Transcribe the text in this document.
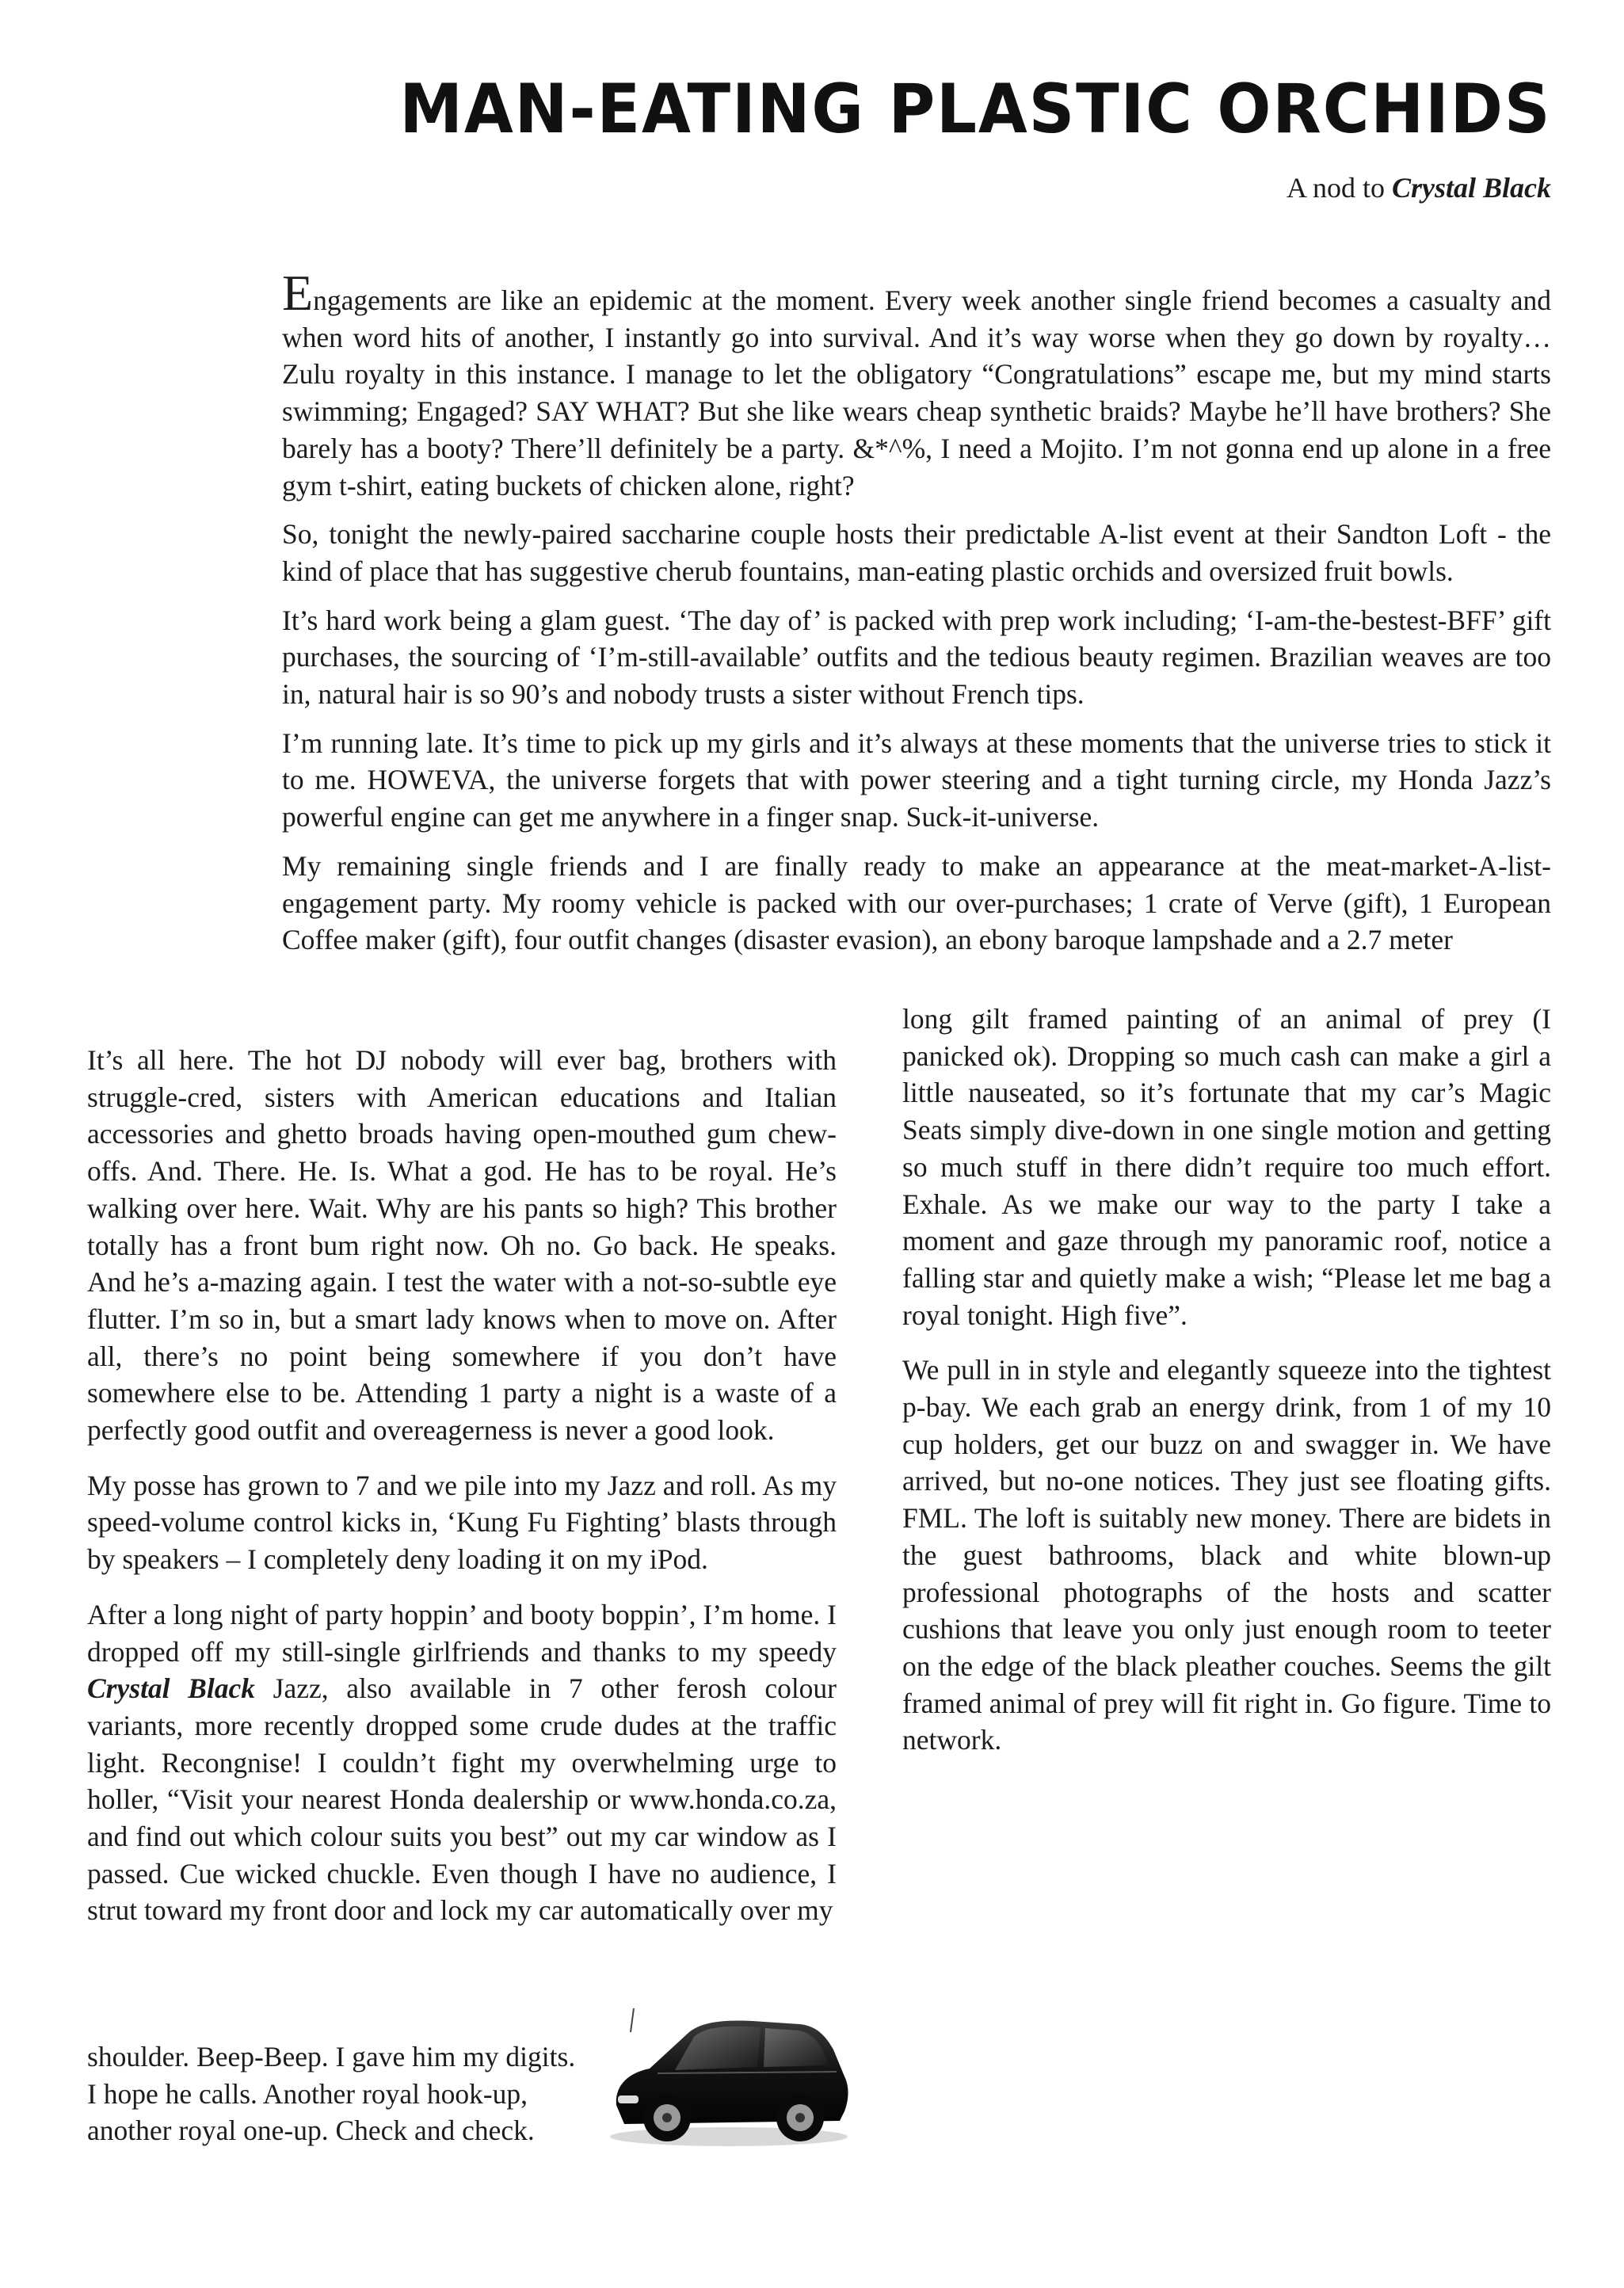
MAN-EATING PLASTIC ORCHIDS
A nod to Crystal Black

Engagements are like an epidemic at the moment. Every week another single friend becomes a casualty and when word hits of another, I instantly go into survival. And it’s way worse when they go down by royalty… Zulu royalty in this instance. I manage to let the obligatory “Congratulations” escape me, but my mind starts swimming; Engaged? SAY WHAT? But she like wears cheap synthetic braids? Maybe he’ll have brothers? She barely has a booty? There’ll definitely be a party. &*^%, I need a Mojito. I’m not gonna end up alone in a free gym t-shirt, eating buckets of chicken alone, right?

So, tonight the newly-paired saccharine couple hosts their predictable A-list event at their Sandton Loft - the kind of place that has suggestive cherub fountains, man-eating plastic orchids and oversized fruit bowls.

It’s hard work being a glam guest. ‘The day of’ is packed with prep work including; ‘I-am-the-bestest-BFF’ gift purchases, the sourcing of ‘I’m-still-available’ outfits and the tedious beauty regimen. Brazilian weaves are too in, natural hair is so 90’s and nobody trusts a sister without French tips.

I’m running late. It’s time to pick up my girls and it’s always at these moments that the universe tries to stick it to me. HOWEVA, the universe forgets that with power steering and a tight turning circle, my Honda Jazz’s powerful engine can get me anywhere in a finger snap. Suck-it-universe.

My remaining single friends and I are finally ready to make an appearance at the meat-market-A-list-engagement party. My roomy vehicle is packed with our over-purchases; 1 crate of Verve (gift), 1 European Coffee maker (gift), four outfit changes (disaster evasion), an ebony baroque lampshade and a 2.7 meter

long gilt framed painting of an animal of prey (I panicked ok). Dropping so much cash can make a girl a little nauseated, so it’s fortunate that my car’s Magic Seats simply dive-down in one single motion and getting so much stuff in there didn’t require too much effort. Exhale. As we make our way to the party I take a moment and gaze through my panoramic roof, notice a falling star and quietly make a wish; “Please let me bag a royal tonight. High five”.

We pull in in style and elegantly squeeze into the tightest p-bay. We each grab an energy drink, from 1 of my 10 cup holders, get our buzz on and swagger in. We have arrived, but no-one notices. They just see floating gifts. FML. The loft is suitably new money. There are bidets in the guest bathrooms, black and white blown-up professional photographs of the hosts and scatter cushions that leave you only just enough room to teeter on the edge of the black pleather couches. Seems the gilt framed animal of prey will fit right in. Go figure. Time to network.

It’s all here. The hot DJ nobody will ever bag, brothers with struggle-cred, sisters with American educations and Italian accessories and ghetto broads having open-mouthed gum chew-offs. And. There. He. Is. What a god. He has to be royal. He’s walking over here. Wait. Why are his pants so high? This brother totally has a front bum right now. Oh no. Go back. He speaks. And he’s a-mazing again. I test the water with a not-so-subtle eye flutter. I’m so in, but a smart lady knows when to move on. After all, there’s no point being somewhere if you don’t have somewhere else to be. Attending 1 party a night is a waste of a perfectly good outfit and overeagerness is never a good look.

My posse has grown to 7 and we pile into my Jazz and roll. As my speed-volume control kicks in, ‘Kung Fu Fighting’ blasts through by speakers – I completely deny loading it on my iPod.

After a long night of party hoppin’ and booty boppin’, I’m home. I dropped off my still-single girlfriends and thanks to my speedy Crystal Black Jazz, also available in 7 other ferosh colour variants, more recently dropped some crude dudes at the traffic light. Recongnise! I couldn’t fight my overwhelming urge to holler, “Visit your nearest Honda dealership or www.honda.co.za, and find out which colour suits you best” out my car window as I passed. Cue wicked chuckle. Even though I have no audience, I strut toward my front door and lock my car automatically over my

shoulder. Beep-Beep. I gave him my digits.
I hope he calls. Another royal hook-up,
another royal one-up. Check and check.
